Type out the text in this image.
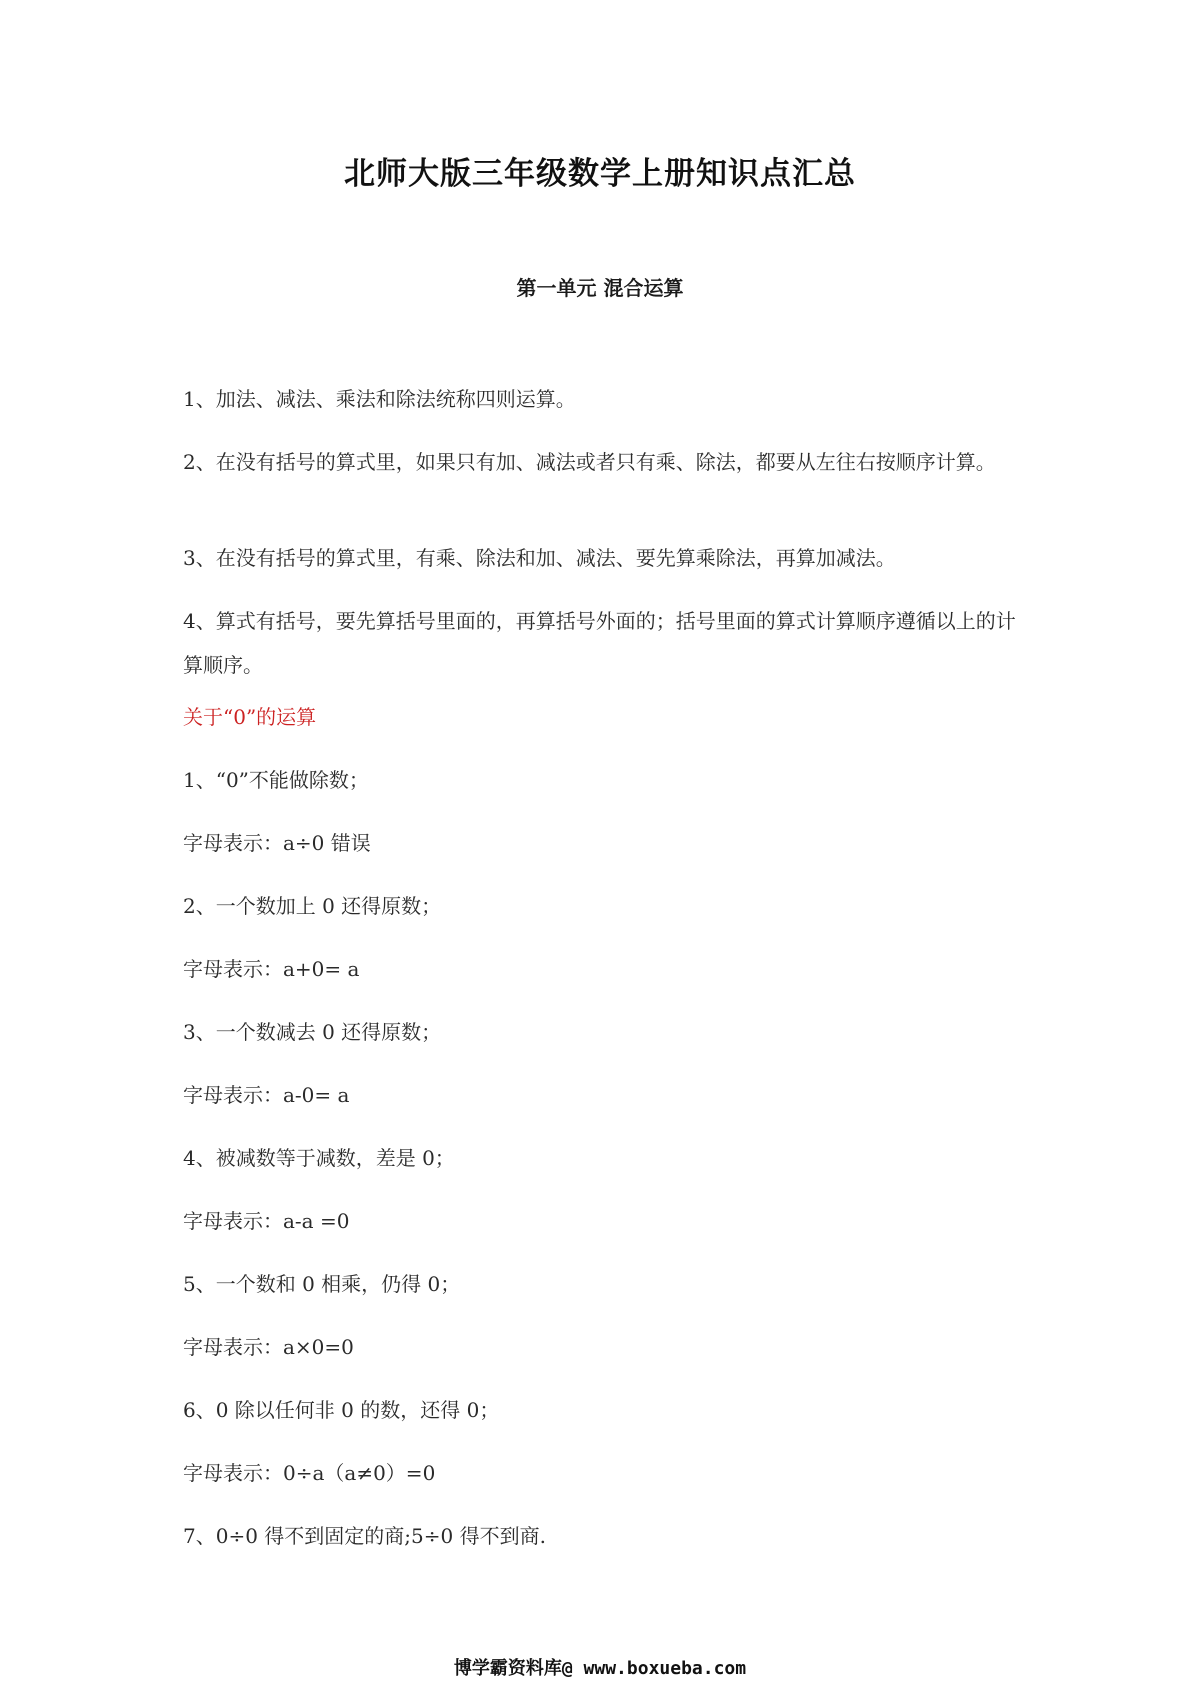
北师大版三年级数学上册知识点汇总
第一单元 混合运算

1、加法、减法、乘法和除法统称四则运算。

2、在没有括号的算式里，如果只有加、减法或者只有乘、除法，都要从左往右按顺序计算。

3、在没有括号的算式里，有乘、除法和加、减法、要先算乘除法，再算加减法。

4、算式有括号，要先算括号里面的，再算括号外面的；括号里面的算式计算顺序遵循以上的计算顺序。

关于“0”的运算

1、“0”不能做除数；

字母表示：a÷0 错误

2、一个数加上 0 还得原数；

字母表示：a+0= a

3、一个数减去 0 还得原数；

字母表示：a-0= a

4、被减数等于减数，差是 0；

字母表示：a-a =0

5、一个数和 0 相乘，仍得 0；

字母表示：a×0=0

6、0 除以任何非 0 的数，还得 0；

字母表示：0÷a（a≠0）=0

7、0÷0 得不到固定的商;5÷0 得不到商.

博学霸资料库@ www.boxueba.com
